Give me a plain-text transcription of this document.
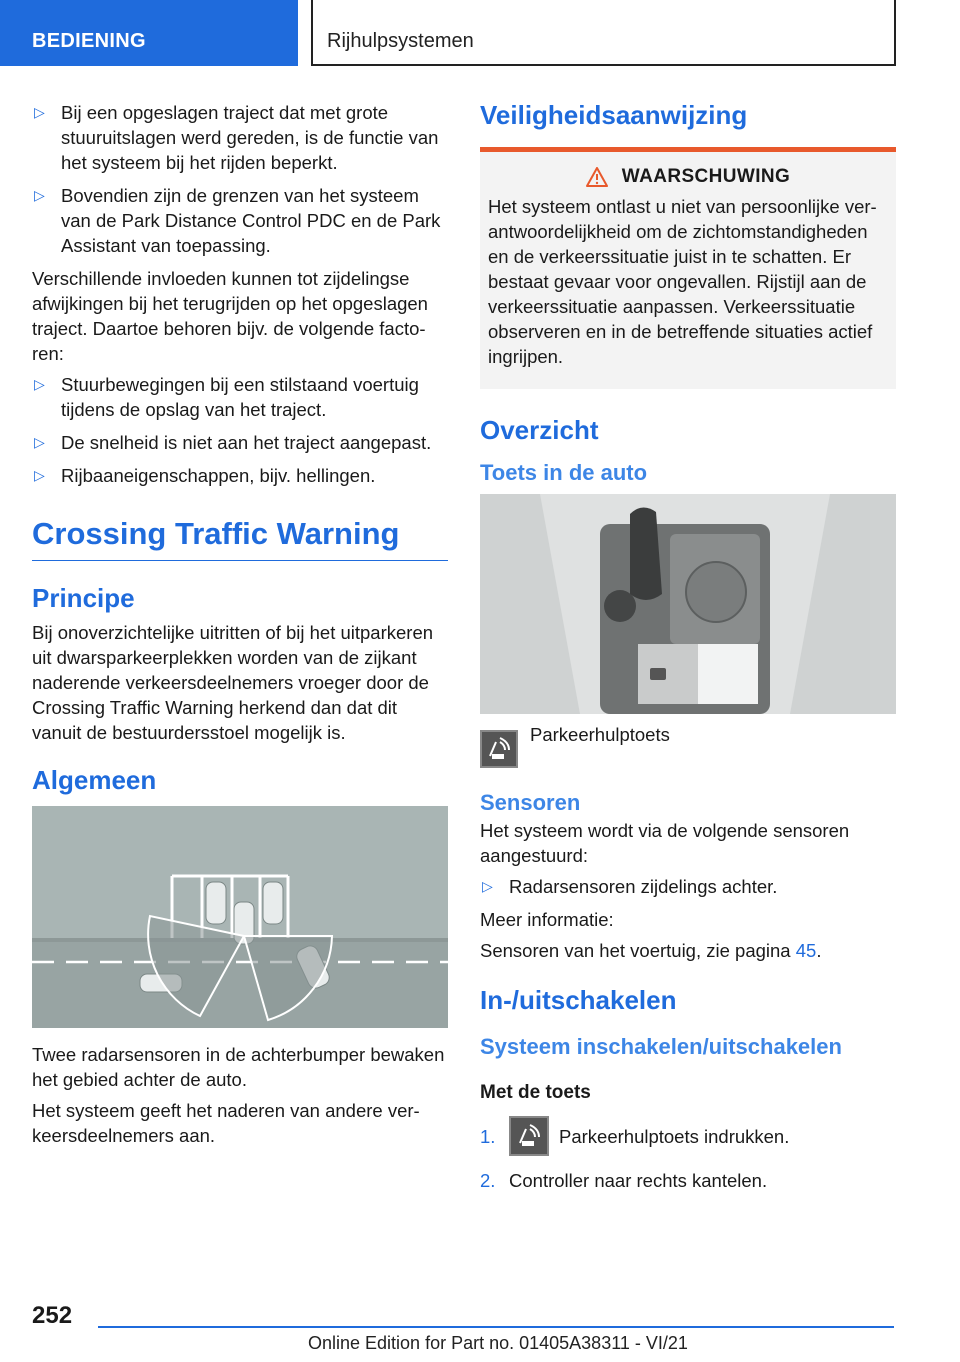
BEDIENING	Rijhulpsystemen
▷ Bij een opgeslagen traject dat met grote stuuruitslagen werd gereden, is de functie van het systeem bij het rijden beperkt.
▷ Bovendien zijn de grenzen van het systeem van de Park Distance Control PDC en de Park Assistant van toepassing.

Verschillende invloeden kunnen tot zijdelingse afwijkingen bij het terugrijden op het opgeslagen traject. Daartoe behoren bijv. de volgende factoren:

▷ Stuurbewegingen bij een stilstaand voertuig tijdens de opslag van het traject.
▷ De snelheid is niet aan het traject aangepast.
▷ Rijbaaneigenschappen, bijv. hellingen.
Crossing Traffic Warning
Principe

Bij onoverzichtelijke uitritten of bij het uitparkeren uit dwarsparkeerplekken worden van de zijkant naderende verkeersdeelnemers vroeger door de Crossing Traffic Warning herkend dan dat dit vanuit de bestuurdersstoel mogelijk is.

Algemeen

Twee radarsensoren in de achterbumper bewaken het gebied achter de auto.

Het systeem geeft het naderen van andere verkeersdeelnemers aan.

Veiligheidsaanwijzing
WAARSCHUWING

Het systeem ontlast u niet van persoonlijke verantwoordelijkheid om de zichtomstandigheden en de verkeerssituatie juist in te schatten. Er bestaat gevaar voor ongevallen. Rijstijl aan de verkeerssituatie aanpassen. Verkeerssituatie observeren en in de betreffende situaties actief ingrijpen.

Overzicht
Toets in de auto
Parkeerhulptoets
Sensoren

Het systeem wordt via de volgende sensoren aangestuurd:

▷ Radarsensoren zijdelings achter.

Meer informatie:

Sensoren van het voertuig, zie pagina 45.

In-/uitschakelen
Systeem inschakelen/uitschakelen
Met de toets
1.	Parkeerhulptoets indrukken.
2. Controller naar rechts kantelen.
252
Online Edition for Part no. 01405A38311 - VI/21
